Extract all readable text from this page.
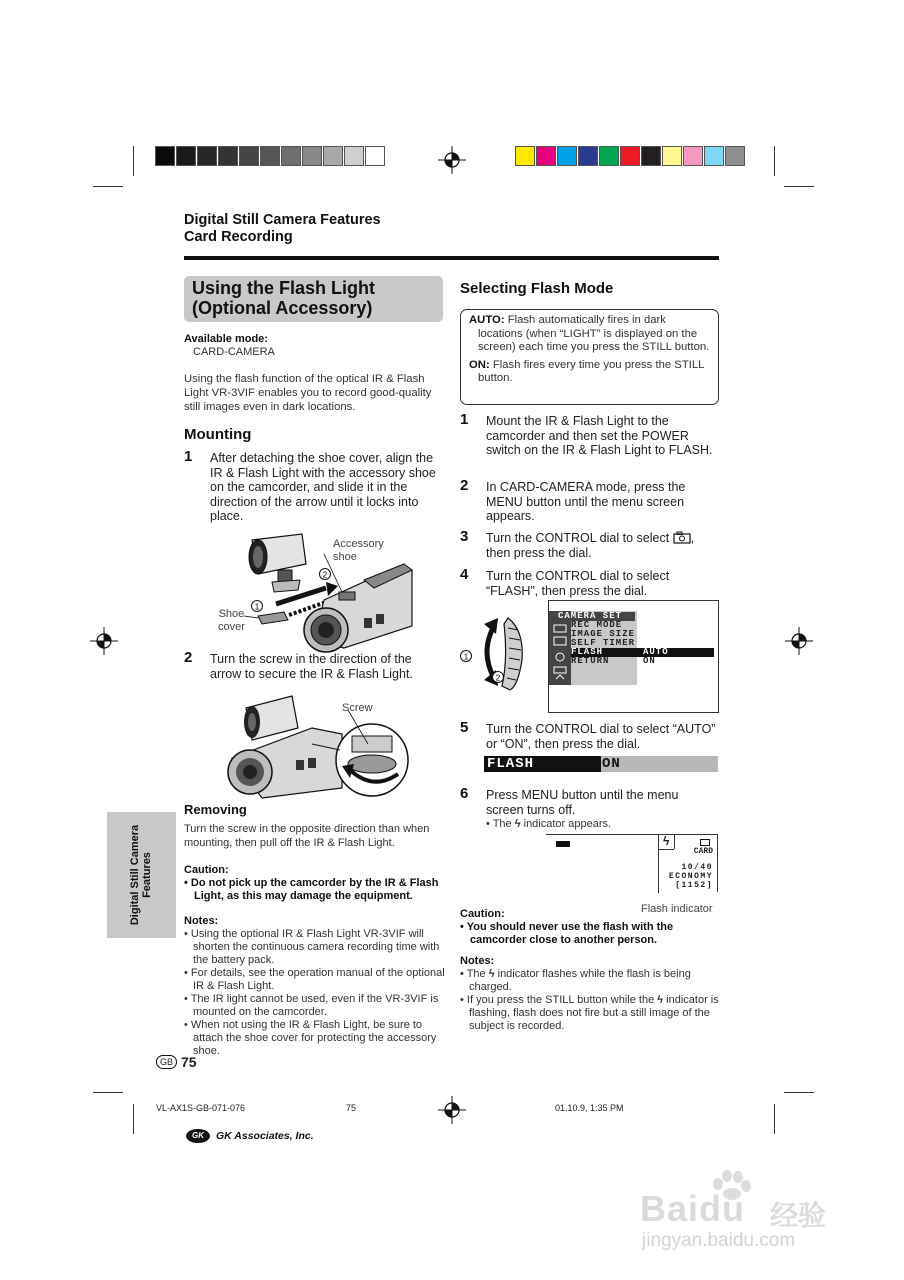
Digital Still Camera Features
Card Recording
Using the Flash Light
(Optional Accessory)
Available mode:
CARD-CAMERA
Using the flash function of the optical IR & Flash Light VR-3VIF enables you to record good-quality still images even in dark locations.
Mounting
1 After detaching the shoe cover, align the IR & Flash Light with the accessory shoe on the camcorder, and slide it in the direction of the arrow until it locks into place.
2
1
Accessory
shoe
Shoe
cover
2 Turn the screw in the direction of the arrow to secure the IR & Flash Light.
Screw
Removing
Turn the screw in the opposite direction than when mounting, then pull off the IR & Flash Light.
Caution:
• Do not pick up the camcorder by the IR & Flash Light, as this may damage the equipment.
Notes:
• Using the optional IR & Flash Light VR-3VIF will shorten the continuous camera recording time with the battery pack.
• For details, see the operation manual of the optional IR & Flash Light.
• The IR light cannot be used, even if the VR-3VIF is mounted on the camcorder.
• When not using the IR & Flash Light, be sure to attach the shoe cover for protecting the accessory shoe.
Digital Still Camera Features
GB 75
Selecting Flash Mode
AUTO: Flash automatically fires in dark locations (when “LIGHT” is displayed on the screen) each time you press the STILL button.
ON: Flash fires every time you press the STILL button.
1 Mount the IR & Flash Light to the camcorder and then set the POWER switch on the IR & Flash Light to FLASH.
2 In CARD-CAMERA mode, press the MENU button until the menu screen appears.
3 Turn the CONTROL dial to select ,
then press the dial.
4 Turn the CONTROL dial to select “FLASH”, then press the dial.
1
2
CAMERA SET
REC MODE
IMAGE SIZE
SELF TIMER
FLASH	AUTO
RETURN	ON
5 Turn the CONTROL dial to select “AUTO” or “ON”, then press the dial.
FLASH	ON
6 Press MENU button until the menu screen turns off.
• The ϟ indicator appears.
ϟ
CARD
10/40
ECONOMY
[1152]
Flash indicator
Caution:
• You should never use the flash with the camcorder close to another person.
Notes:
• The ϟ indicator flashes while the flash is being charged.
• If you press the STILL button while the ϟ indicator is flashing, flash does not fire but a still image of the subject is recorded.
VL-AX1S-GB-071-076	75	01.10.9, 1:35 PM
GK	GK Associates, Inc.
Baidu 经验
jingyan.baidu.com
